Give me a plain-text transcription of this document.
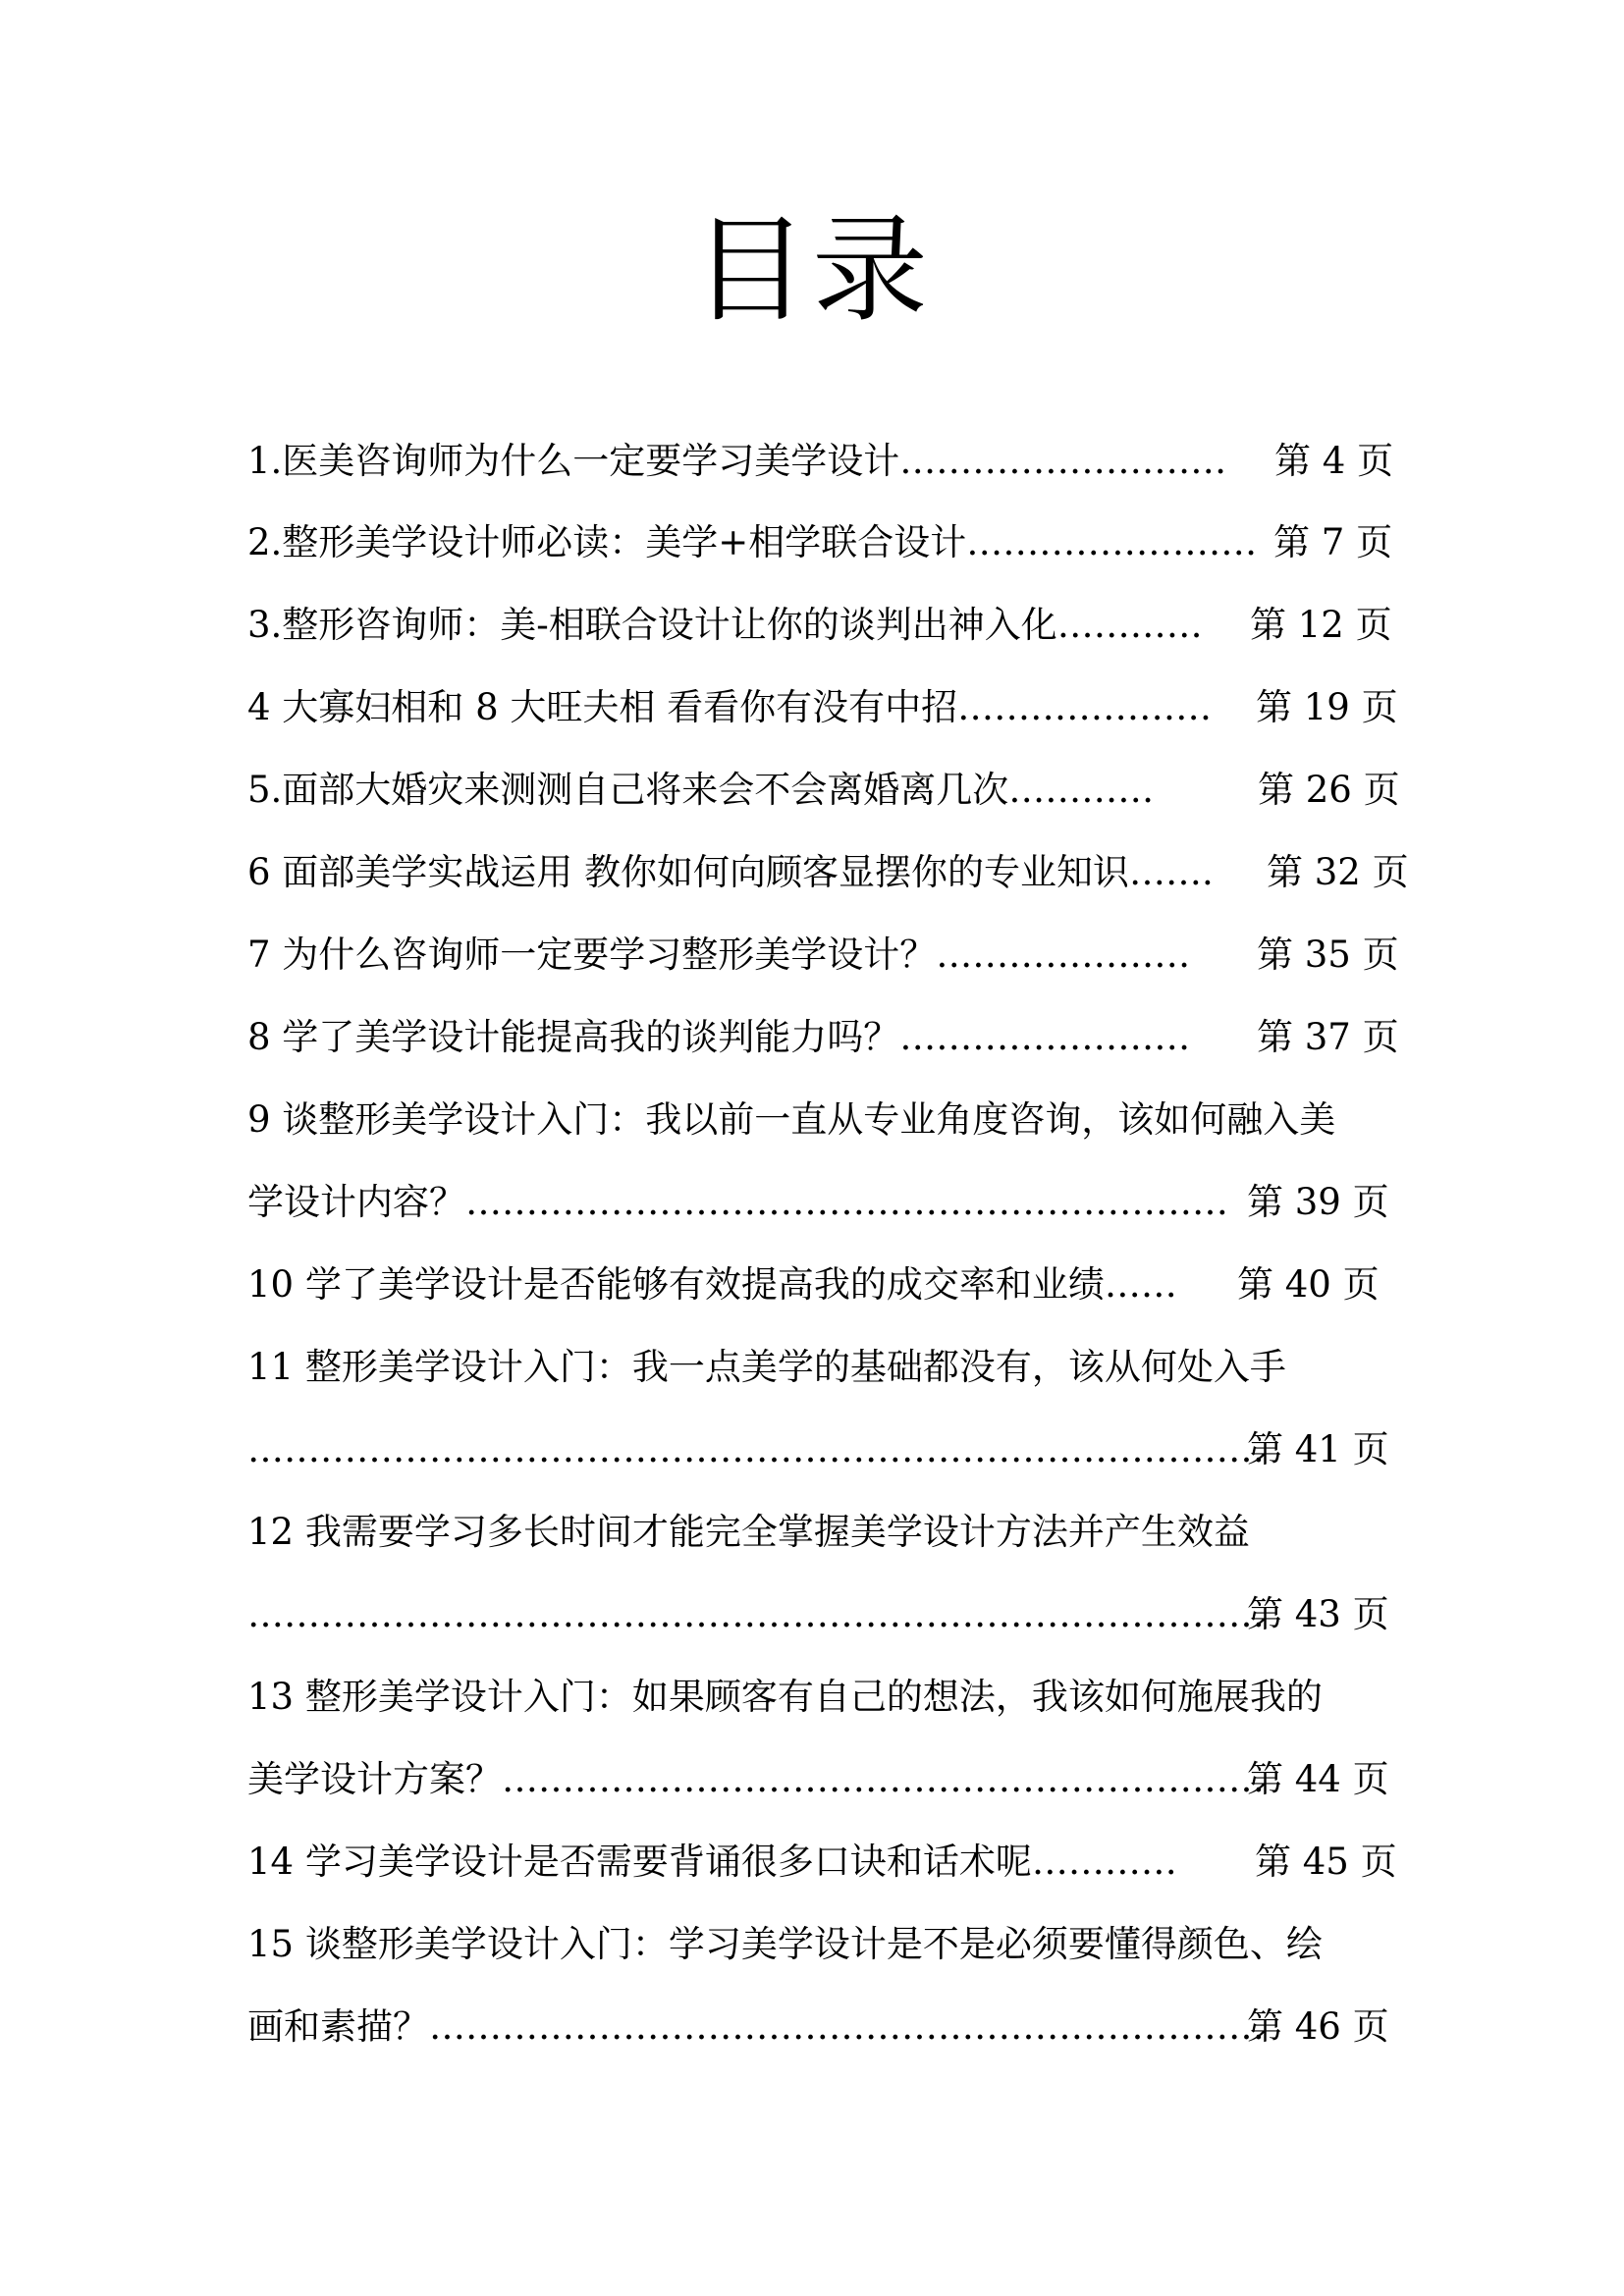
目录
1.医美咨询师为什么一定要学习美学设计……………………… 第 4 页
2.整形美学设计师必读：美学+相学联合设计…………………… 第 7 页
3.整形咨询师：美-相联合设计让你的谈判出神入化………… 第 12 页
4 大寡妇相和 8 大旺夫相 看看你有没有中招………………… 第 19 页
5.面部大婚灾来测测自己将来会不会离婚离几次…………	第 26 页
6 面部美学实战运用 教你如何向顾客显摆你的专业知识……. 第 32 页
7 为什么咨询师一定要学习整形美学设计？………………… 第 35 页
8 学了美学设计能提高我的谈判能力吗？…………………… 第 37 页
9 谈整形美学设计入门：我以前一直从专业角度咨询，该如何融入美
学设计内容？……………………………………………………… 第 39 页
10 学了美学设计是否能够有效提高我的成交率和业绩…… 第 40 页
11 整形美学设计入门：我一点美学的基础都没有，该从何处入手
…………………………………………………………………………
第 41 页
12 我需要学习多长时间才能完全掌握美学设计方法并产生效益
…………………………………………………………………………
第 43 页
13 整形美学设计入门：如果顾客有自己的想法，我该如何施展我的
美学设计方案？………………………………………………………
第 44 页
14 学习美学设计是否需要背诵很多口诀和话术呢………… 第 45 页
15 谈整形美学设计入门：学习美学设计是不是必须要懂得颜色、绘
画和素描？……………………………………………………………
第 46 页
